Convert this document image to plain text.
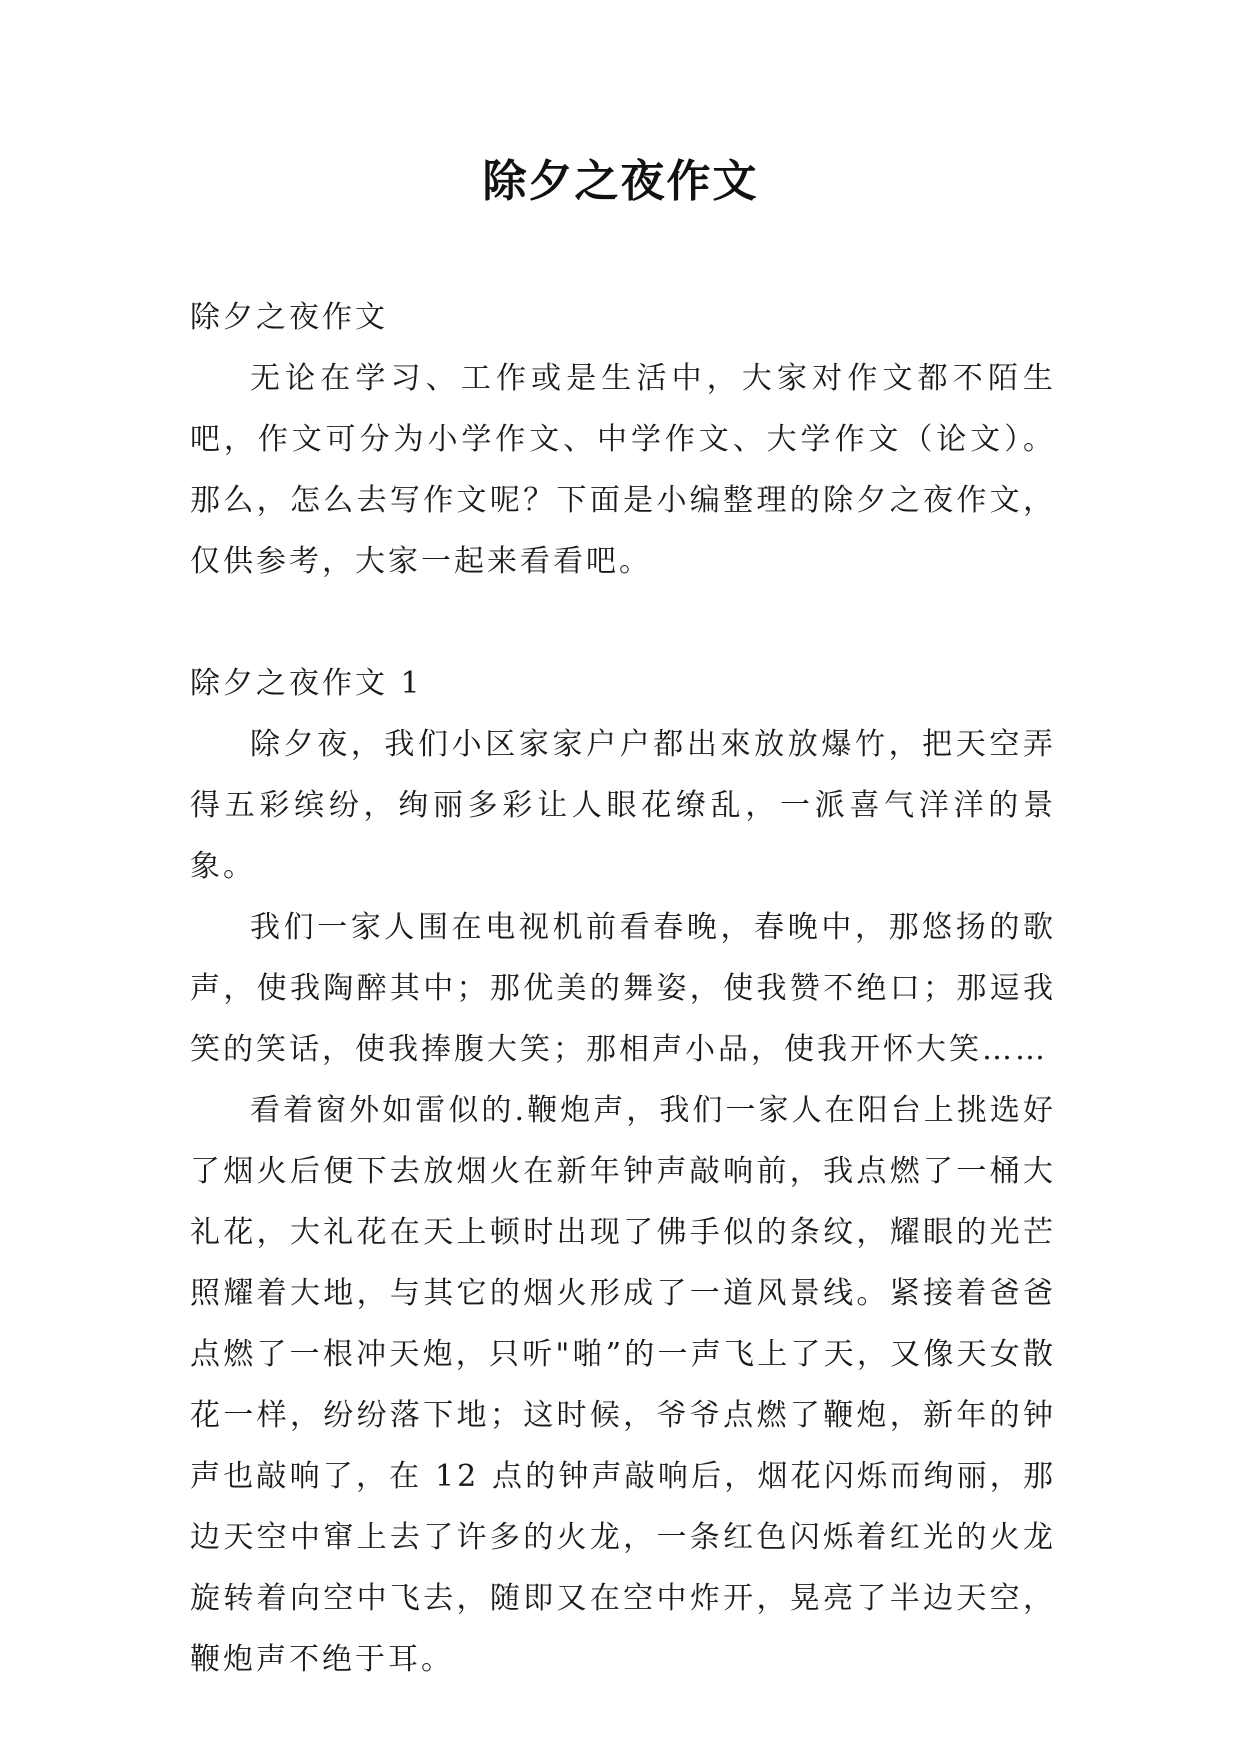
除夕之夜作文

除夕之夜作文

无论在学习、工作或是生活中，大家对作文都不陌生吧，作文可分为小学作文、中学作文、大学作文（论文）。那么，怎么去写作文呢？下面是小编整理的除夕之夜作文，仅供参考，大家一起来看看吧。

除夕之夜作文 1

除夕夜，我们小区家家户户都出來放放爆竹，把天空弄得五彩缤纷，绚丽多彩让人眼花缭乱，一派喜气洋洋的景象。

我们一家人围在电视机前看春晚，春晚中，那悠扬的歌声，使我陶醉其中；那优美的舞姿，使我赞不绝口；那逗我笑的笑话，使我捧腹大笑；那相声小品，使我开怀大笑……

看着窗外如雷似的.鞭炮声，我们一家人在阳台上挑选好了烟火后便下去放烟火在新年钟声敲响前，我点燃了一桶大礼花，大礼花在天上顿时出现了佛手似的条纹，耀眼的光芒照耀着大地，与其它的烟火形成了一道风景线。紧接着爸爸点燃了一根冲天炮，只听"啪”的一声飞上了天，又像天女散花一样，纷纷落下地；这时候，爷爷点燃了鞭炮，新年的钟声也敲响了，在 12 点的钟声敲响后，烟花闪烁而绚丽，那边天空中窜上去了许多的火龙，一条红色闪烁着红光的火龙旋转着向空中飞去，随即又在空中炸开，晃亮了半边天空，鞭炮声不绝于耳。
